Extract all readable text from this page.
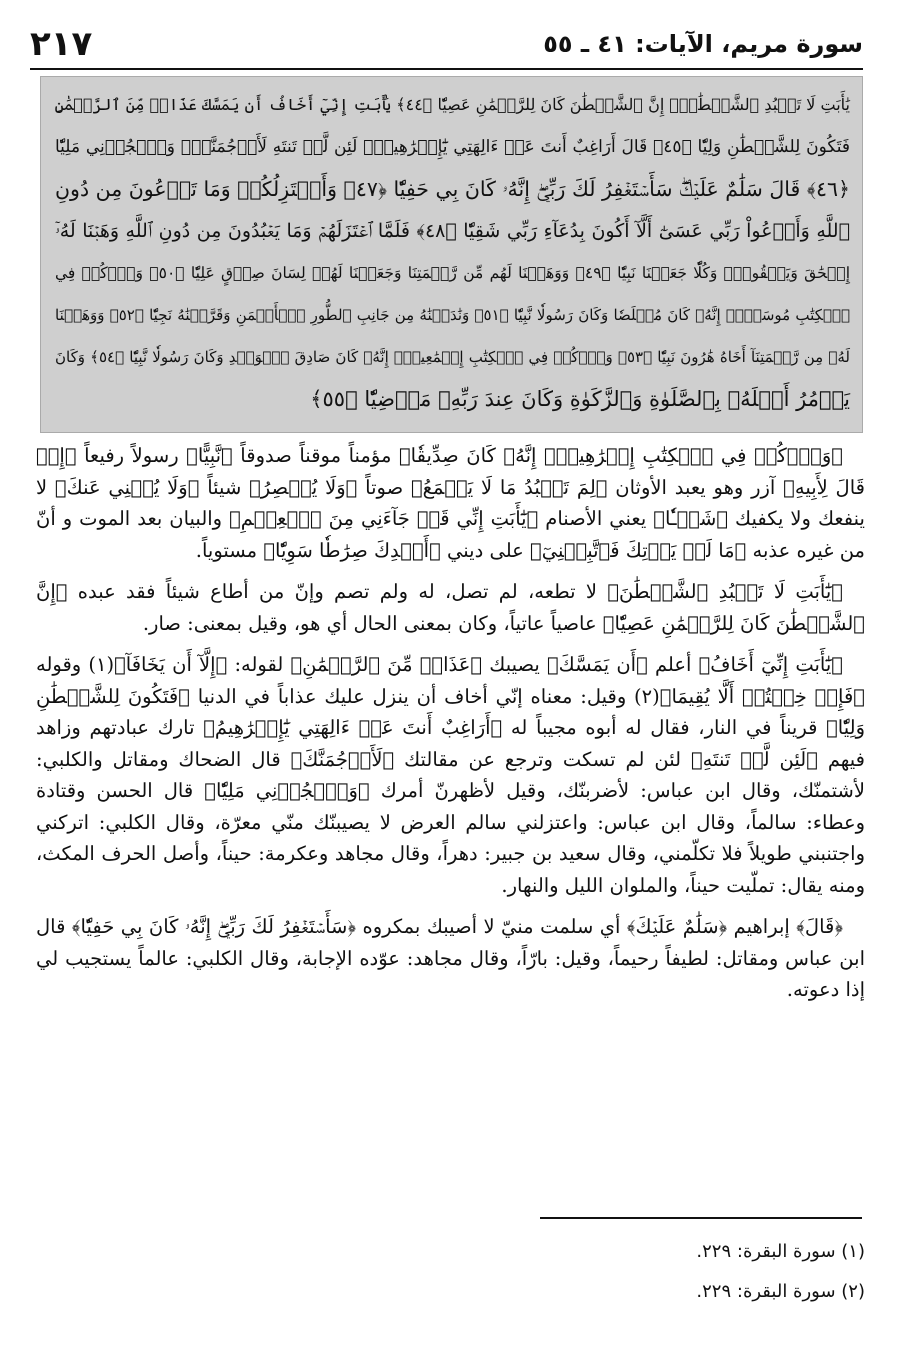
٢١٧	سورة مريم، الآيات: ٤١ ـ ٥٥
يَٰأَبَتِ لَا تَعۡبُدِ ٱلشَّيۡطَٰنَۖ إِنَّ ٱلشَّيۡطَٰنَ كَانَ لِلرَّحۡمَٰنِ عَصِيّٗا ﴿٤٤﴾ يَٰأَبَتِ إِنِّيٓ أَخَافُ أَن يَمَسَّكَ عَذَابٞ مِّنَ ٱلرَّحۡمَٰنِ
فَتَكُونَ لِلشَّيۡطَٰنِ وَلِيّٗا ﴿٤٥﴾ قَالَ أَرَاغِبٌ أَنتَ عَنۡ ءَالِهَتِي يَٰٓإِبۡرَٰهِيمُۖ لَئِن لَّمۡ تَنتَهِ لَأَرۡجُمَنَّكَۖ وَٱهۡجُرۡنِي مَلِيّٗا
﴿٤٦﴾ قَالَ سَلَٰمٌ عَلَيۡكَۖ سَأَسۡتَغۡفِرُ لَكَ رَبِّيٓۖ إِنَّهُۥ كَانَ بِي حَفِيّٗا ﴿٤٧﴾ وَأَعۡتَزِلُكُمۡ وَمَا تَدۡعُونَ مِن دُونِ
ٱللَّهِ وَأَدۡعُواْ رَبِّي عَسَىٰٓ أَلَّآ أَكُونَ بِدُعَآءِ رَبِّي شَقِيّٗا ﴿٤٨﴾ فَلَمَّا ٱعۡتَزَلَهُمۡ وَمَا يَعۡبُدُونَ مِن دُونِ ٱللَّهِ وَهَبۡنَا لَهُۥٓ
إِسۡحَٰقَ وَيَعۡقُوبَۖ وَكُلّٗا جَعَلۡنَا نَبِيّٗا ﴿٤٩﴾ وَوَهَبۡنَا لَهُم مِّن رَّحۡمَتِنَا وَجَعَلۡنَا لَهُمۡ لِسَانَ صِدۡقٍ عَلِيّٗا ﴿٥٠﴾ وَٱذۡكُرۡ فِي
ٱلۡكِتَٰبِ مُوسَىٰٓۚ إِنَّهُۥ كَانَ مُخۡلَصٗا وَكَانَ رَسُولٗا نَّبِيّٗا ﴿٥١﴾ وَنَٰدَيۡنَٰهُ مِن جَانِبِ ٱلطُّورِ ٱلۡأَيۡمَنِ وَقَرَّبۡنَٰهُ نَجِيّٗا ﴿٥٢﴾ وَوَهَبۡنَا
لَهُۥ مِن رَّحۡمَتِنَآ أَخَاهُ هَٰرُونَ نَبِيّٗا ﴿٥٣﴾ وَٱذۡكُرۡ فِي ٱلۡكِتَٰبِ إِسۡمَٰعِيلَۚ إِنَّهُۥ كَانَ صَادِقَ ٱلۡوَعۡدِ وَكَانَ رَسُولٗا نَّبِيّٗا ﴿٥٤﴾ وَكَانَ
يَأۡمُرُ أَهۡلَهُۥ بِٱلصَّلَوٰةِ وَٱلزَّكَوٰةِ وَكَانَ عِندَ رَبِّهِۦ مَرۡضِيّٗا ﴿٥٥﴾

﴿وَٱذۡكُرۡ فِي ٱلۡكِتَٰبِ إِبۡرَٰهِيمَۚ إِنَّهُۥ كَانَ صِدِّيقٗا﴾ مؤمناً موقناً صدوقاً ﴿نَّبِيًّا﴾ رسولاً رفيعاً ﴿إِذۡ قَالَ لِأَبِيهِ﴾ آزر وهو يعبد الأوثان ﴿لِمَ تَعۡبُدُ مَا لَا يَسۡمَعُ﴾ صوتاً ﴿وَلَا يُبۡصِرُ﴾ شيئاً ﴿وَلَا يُغۡنِي عَنكَ﴾ لا ينفعك ولا يكفيك ﴿شَيۡـٔٗا﴾ يعني الأصنام ﴿يَٰٓأَبَتِ إِنِّي قَدۡ جَآءَنِي مِنَ ٱلۡعِلۡمِ﴾ والبيان بعد الموت و أنّ من غيره عذبه ﴿مَا لَمۡ يَأۡتِكَ فَٱتَّبِعۡنِيٓ﴾ على ديني ﴿أَهۡدِكَ صِرَٰطٗا سَوِيّٗا﴾ مستوياً.

﴿يَٰٓأَبَتِ لَا تَعۡبُدِ ٱلشَّيۡطَٰنَ﴾ لا تطعه، لم تصل، له ولم تصم وإنّ من أطاع شيئاً فقد عبده ﴿إِنَّ ٱلشَّيۡطَٰنَ كَانَ لِلرَّحۡمَٰنِ عَصِيّٗا﴾ عاصياً عاتياً، وكان بمعنى الحال أي هو، وقيل بمعنى: صار.

﴿يَٰٓأَبَتِ إِنِّيٓ أَخَافُ﴾ أعلم ﴿أَن يَمَسَّكَ﴾ يصيبك ﴿عَذَابٞ مِّنَ ٱلرَّحۡمَٰنِ﴾ لقوله: ﴿إِلَّآ أَن يَخَافَآ﴾(١) وقوله ﴿فَإِنۡ خِفۡتُمۡ أَلَّا يُقِيمَا﴾(٢) وقيل: معناه إنّي أخاف أن ينزل عليك عذاباً في الدنيا ﴿فَتَكُونَ لِلشَّيۡطَٰنِ وَلِيّٗا﴾ قريناً في النار، فقال له أبوه مجيباً له ﴿أَرَاغِبٌ أَنتَ عَنۡ ءَالِهَتِي يَٰٓإِبۡرَٰهِيمُ﴾ تارك عبادتهم وزاهد فيهم ﴿لَئِن لَّمۡ تَنتَهِ﴾ لئن لم تسكت وترجع عن مقالتك ﴿لَأَرۡجُمَنَّكَ﴾ قال الضحاك ومقاتل والكلبي: لأشتمنّك، وقال ابن عباس: لأضربنّك، وقيل لأظهرنّ أمرك ﴿وَٱهۡجُرۡنِي مَلِيّٗا﴾ قال الحسن وقتادة وعطاء: سالماً، وقال ابن عباس: واعتزلني سالم العرض لا يصيبنّك منّي معرّة، وقال الكلبي: اتركني واجتنبني طويلاً فلا تكلّمني، وقال سعيد بن جبير: دهراً، وقال مجاهد وعكرمة: حيناً، وأصل الحرف المكث، ومنه يقال: تملّيت حيناً، والملوان الليل والنهار.

﴿قَالَ﴾ إبراهيم ﴿سَلَٰمٌ عَلَيۡكَ﴾ أي سلمت منيّ لا أصيبك بمكروه ﴿سَأَسۡتَغۡفِرُ لَكَ رَبِّيٓۖ إِنَّهُۥ كَانَ بِي حَفِيّٗا﴾ قال ابن عباس ومقاتل: لطيفاً رحيماً، وقيل: بارّاً، وقال مجاهد: عوّده الإجابة، وقال الكلبي: عالماً يستجيب لي إذا دعوته.

(١) سورة البقرة: ٢٢٩.
(٢) سورة البقرة: ٢٢٩.
